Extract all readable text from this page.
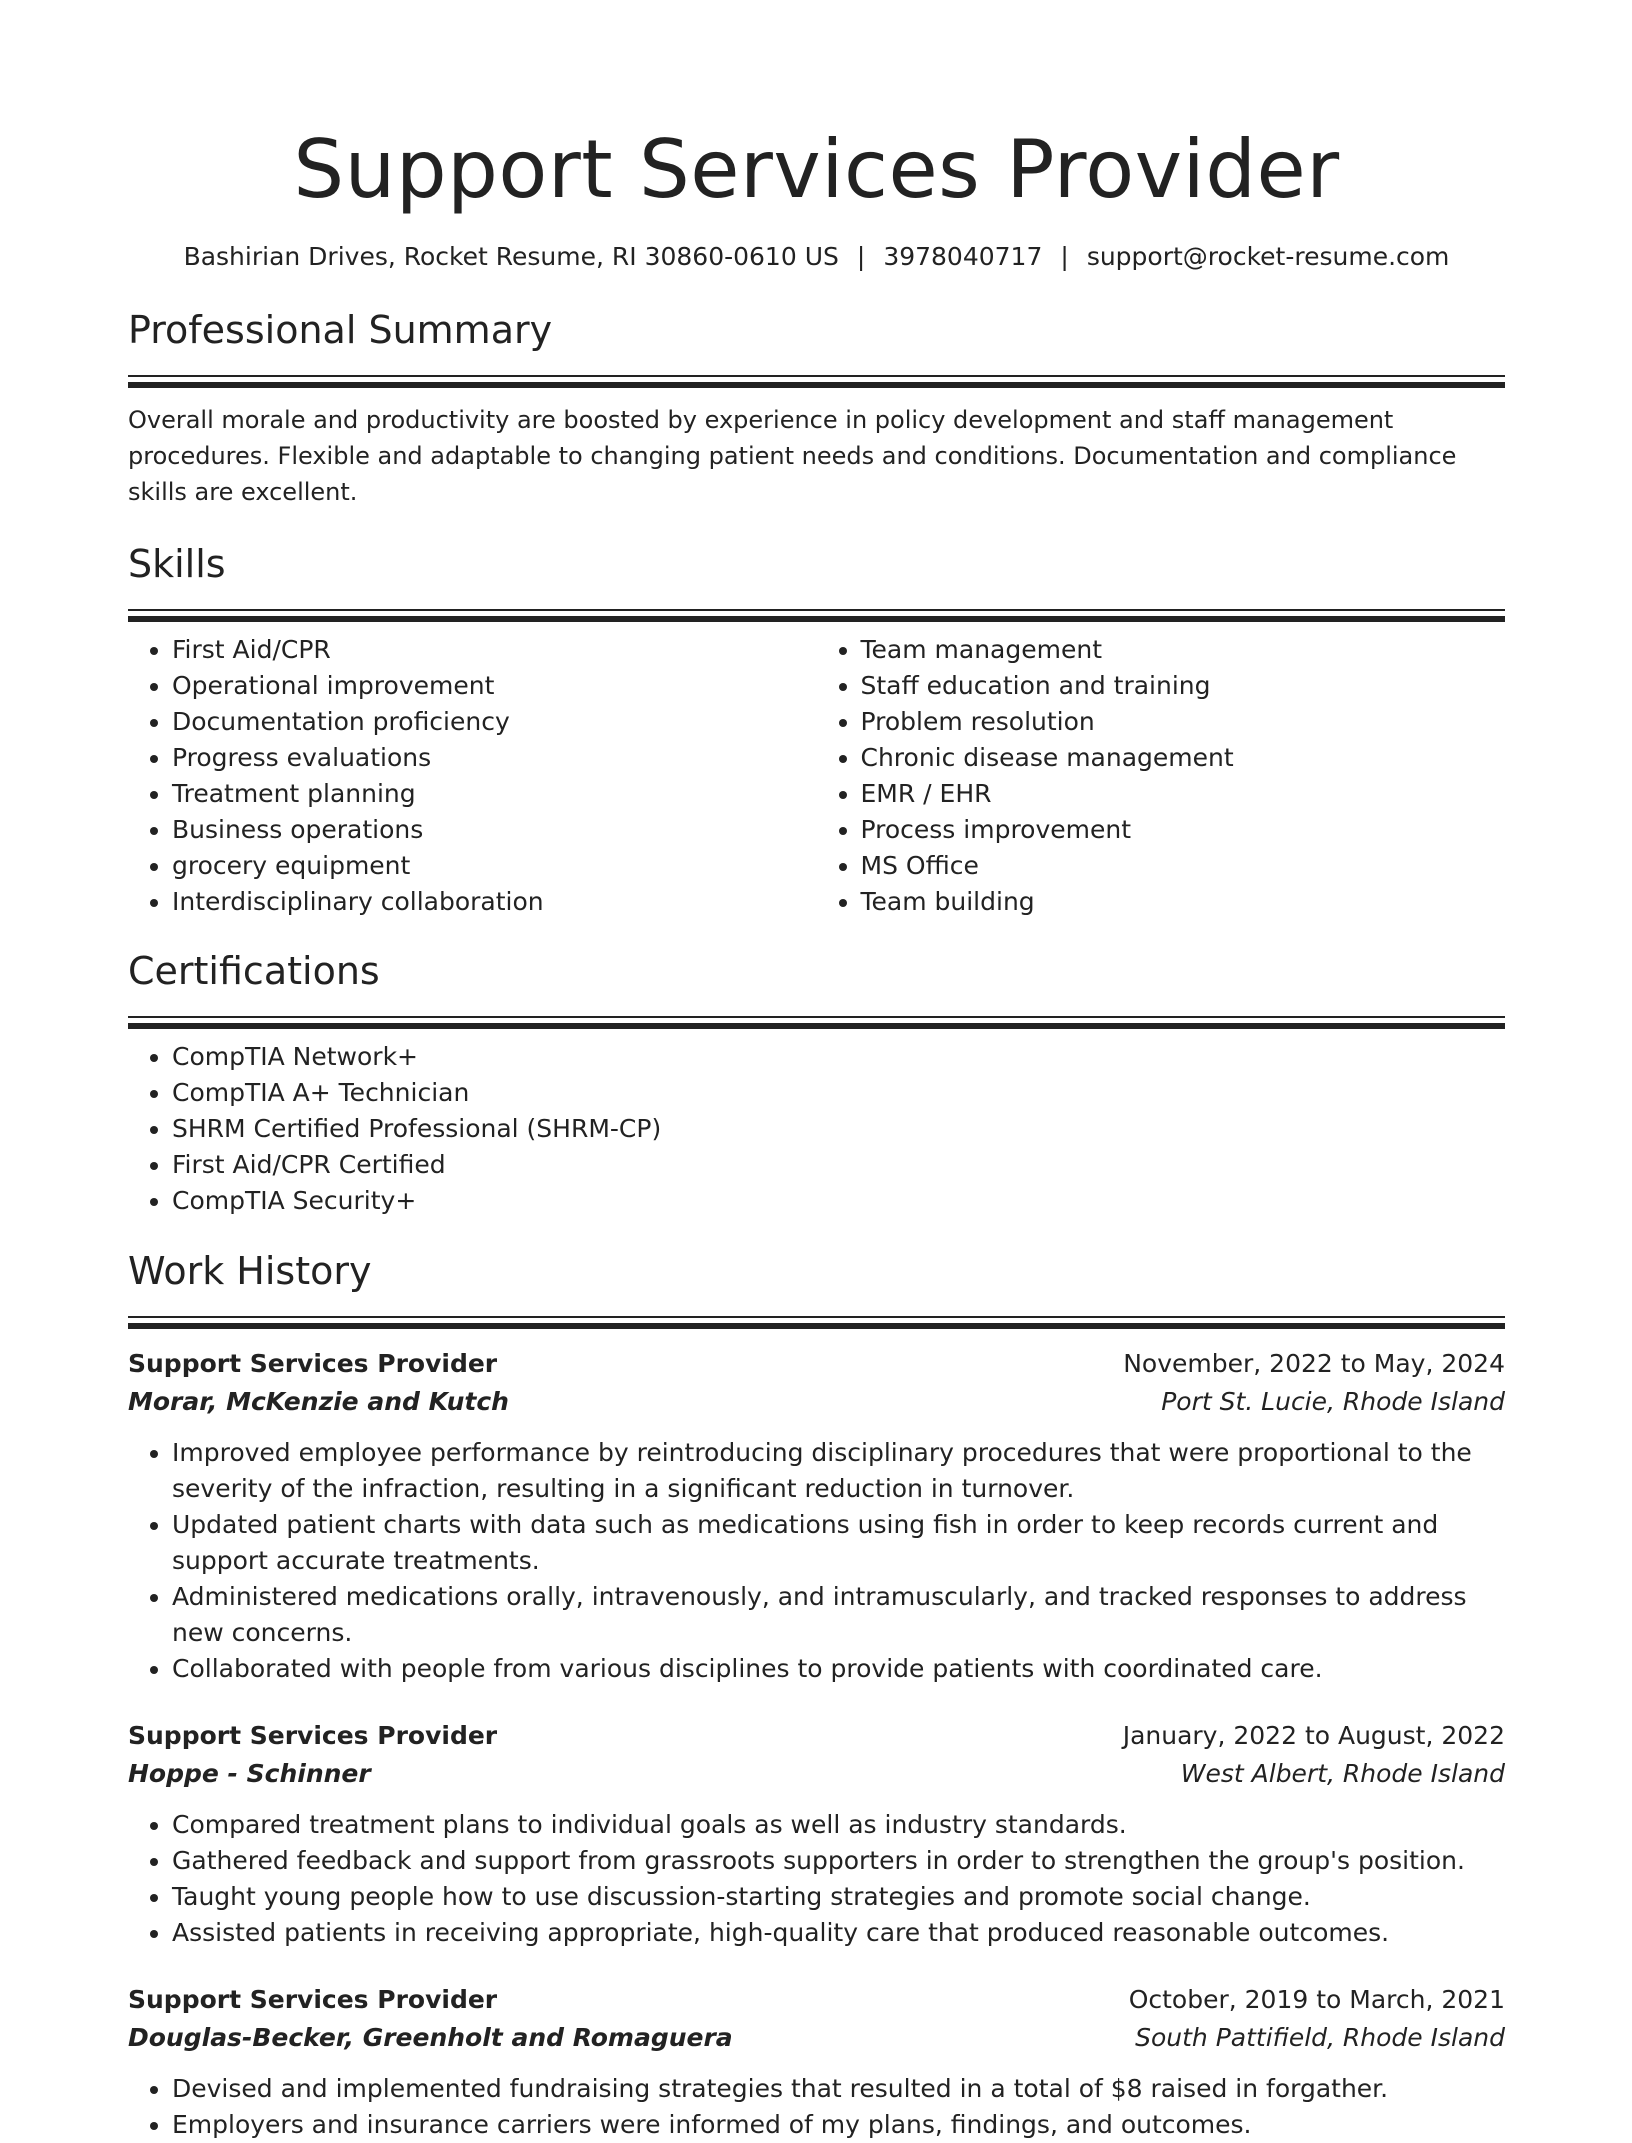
Support Services Provider
Bashirian Drives, Rocket Resume, RI 30860-0610 US | 3978040717 | support@rocket-resume.com
Professional Summary
Overall morale and productivity are boosted by experience in policy development and staff management procedures. Flexible and adaptable to changing patient needs and conditions. Documentation and compliance skills are excellent.
Skills
• First Aid/CPR
• Operational improvement
• Documentation proficiency
• Progress evaluations
• Treatment planning
• Business operations
• grocery equipment
• Interdisciplinary collaboration
• Team management
• Staff education and training
• Problem resolution
• Chronic disease management
• EMR / EHR
• Process improvement
• MS Office
• Team building
Certifications
• CompTIA Network+
• CompTIA A+ Technician
• SHRM Certified Professional (SHRM-CP)
• First Aid/CPR Certified
• CompTIA Security+
Work History
Support Services Provider	November, 2022 to May, 2024
Morar, McKenzie and Kutch	Port St. Lucie, Rhode Island
• Improved employee performance by reintroducing disciplinary procedures that were proportional to the severity of the infraction, resulting in a significant reduction in turnover.
• Updated patient charts with data such as medications using fish in order to keep records current and support accurate treatments.
• Administered medications orally, intravenously, and intramuscularly, and tracked responses to address new concerns.
• Collaborated with people from various disciplines to provide patients with coordinated care.
Support Services Provider	January, 2022 to August, 2022
Hoppe - Schinner	West Albert, Rhode Island
• Compared treatment plans to individual goals as well as industry standards.
• Gathered feedback and support from grassroots supporters in order to strengthen the group's position.
• Taught young people how to use discussion-starting strategies and promote social change.
• Assisted patients in receiving appropriate, high-quality care that produced reasonable outcomes.
Support Services Provider	October, 2019 to March, 2021
Douglas-Becker, Greenholt and Romaguera	South Pattifield, Rhode Island
• Devised and implemented fundraising strategies that resulted in a total of $8 raised in forgather.
• Employers and insurance carriers were informed of my plans, findings, and outcomes.
